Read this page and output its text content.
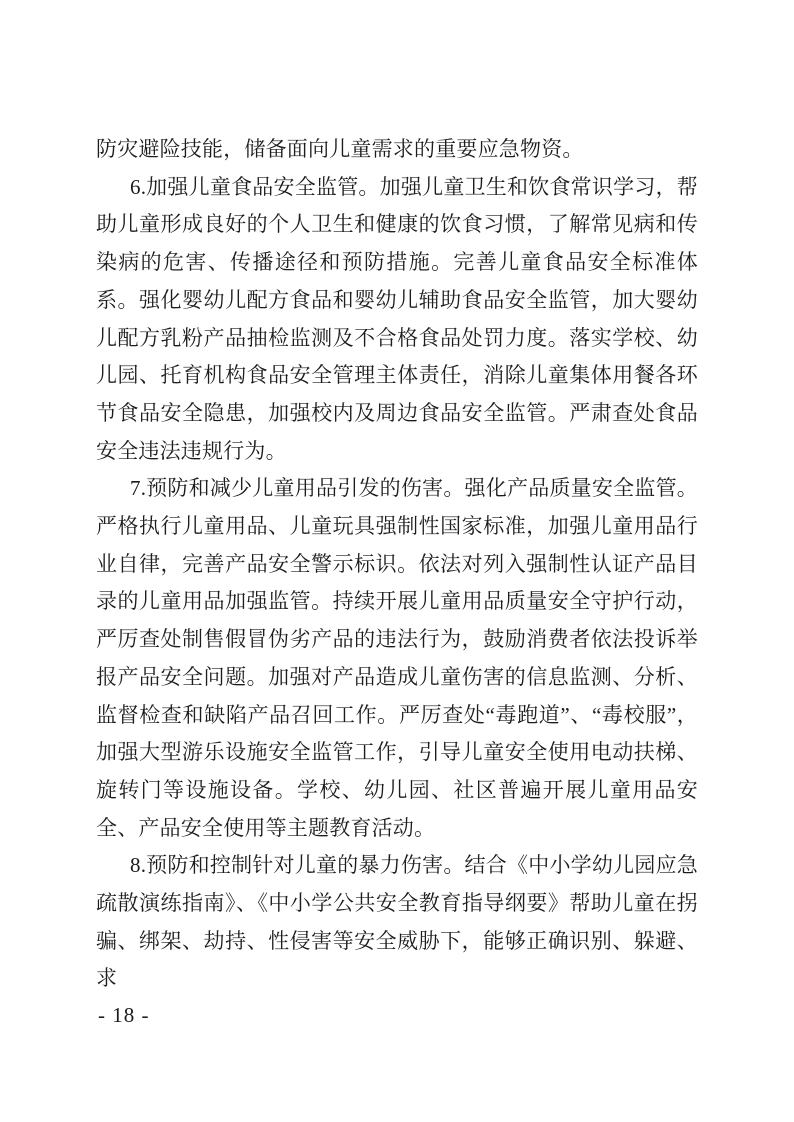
防灾避险技能，储备面向儿童需求的重要应急物资。

6.加强儿童食品安全监管。加强儿童卫生和饮食常识学习，帮助儿童形成良好的个人卫生和健康的饮食习惯，了解常见病和传染病的危害、传播途径和预防措施。完善儿童食品安全标准体系。强化婴幼儿配方食品和婴幼儿辅助食品安全监管，加大婴幼儿配方乳粉产品抽检监测及不合格食品处罚力度。落实学校、幼儿园、托育机构食品安全管理主体责任，消除儿童集体用餐各环节食品安全隐患，加强校内及周边食品安全监管。严肃查处食品安全违法违规行为。

7.预防和减少儿童用品引发的伤害。强化产品质量安全监管。严格执行儿童用品、儿童玩具强制性国家标准，加强儿童用品行业自律，完善产品安全警示标识。依法对列入强制性认证产品目录的儿童用品加强监管。持续开展儿童用品质量安全守护行动，严厉查处制售假冒伪劣产品的违法行为，鼓励消费者依法投诉举报产品安全问题。加强对产品造成儿童伤害的信息监测、分析、监督检查和缺陷产品召回工作。严厉查处“毒跑道”、“毒校服”，加强大型游乐设施安全监管工作，引导儿童安全使用电动扶梯、旋转门等设施设备。学校、幼儿园、社区普遍开展儿童用品安全、产品安全使用等主题教育活动。

8.预防和控制针对儿童的暴力伤害。结合《中小学幼儿园应急疏散演练指南》、《中小学公共安全教育指导纲要》帮助儿童在拐骗、绑架、劫持、性侵害等安全威胁下，能够正确识别、躲避、求

- 18 -
